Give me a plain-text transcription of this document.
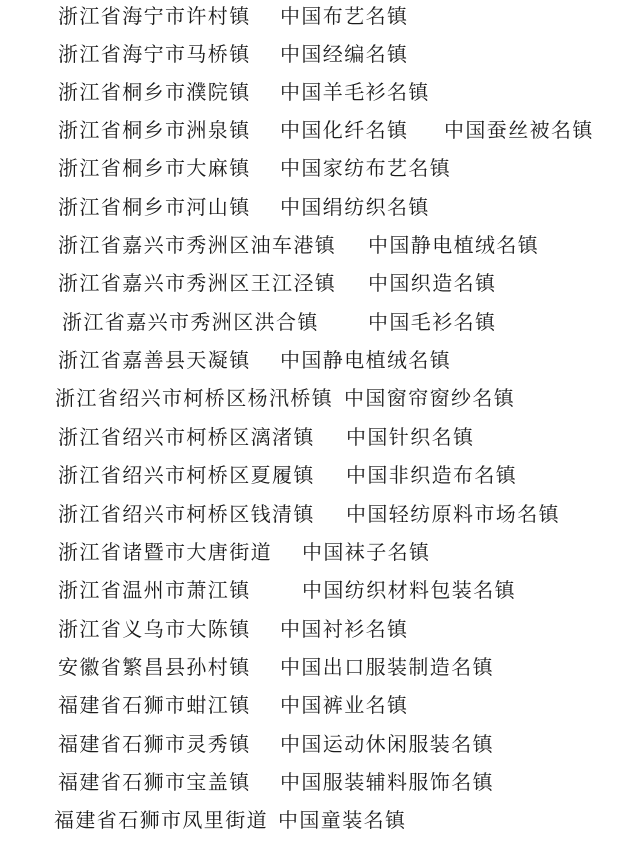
浙江省海宁市许村镇 中国布艺名镇
浙江省海宁市马桥镇 中国经编名镇
浙江省桐乡市濮院镇 中国羊毛衫名镇
浙江省桐乡市洲泉镇 中国化纤名镇 中国蚕丝被名镇
浙江省桐乡市大麻镇 中国家纺布艺名镇
浙江省桐乡市河山镇 中国绢纺织名镇
浙江省嘉兴市秀洲区油车港镇 中国静电植绒名镇
浙江省嘉兴市秀洲区王江泾镇 中国织造名镇
浙江省嘉兴市秀洲区洪合镇 中国毛衫名镇
浙江省嘉善县天凝镇 中国静电植绒名镇
浙江省绍兴市柯桥区杨汛桥镇 中国窗帘窗纱名镇
浙江省绍兴市柯桥区漓渚镇 中国针织名镇
浙江省绍兴市柯桥区夏履镇 中国非织造布名镇
浙江省绍兴市柯桥区钱清镇 中国轻纺原料市场名镇
浙江省诸暨市大唐街道 中国袜子名镇
浙江省温州市萧江镇	中国纺织材料包装名镇
浙江省义乌市大陈镇 中国衬衫名镇
安徽省繁昌县孙村镇 中国出口服装制造名镇
福建省石狮市蚶江镇 中国裤业名镇
福建省石狮市灵秀镇 中国运动休闲服装名镇
福建省石狮市宝盖镇 中国服装辅料服饰名镇
福建省石狮市凤里街道 中国童装名镇
